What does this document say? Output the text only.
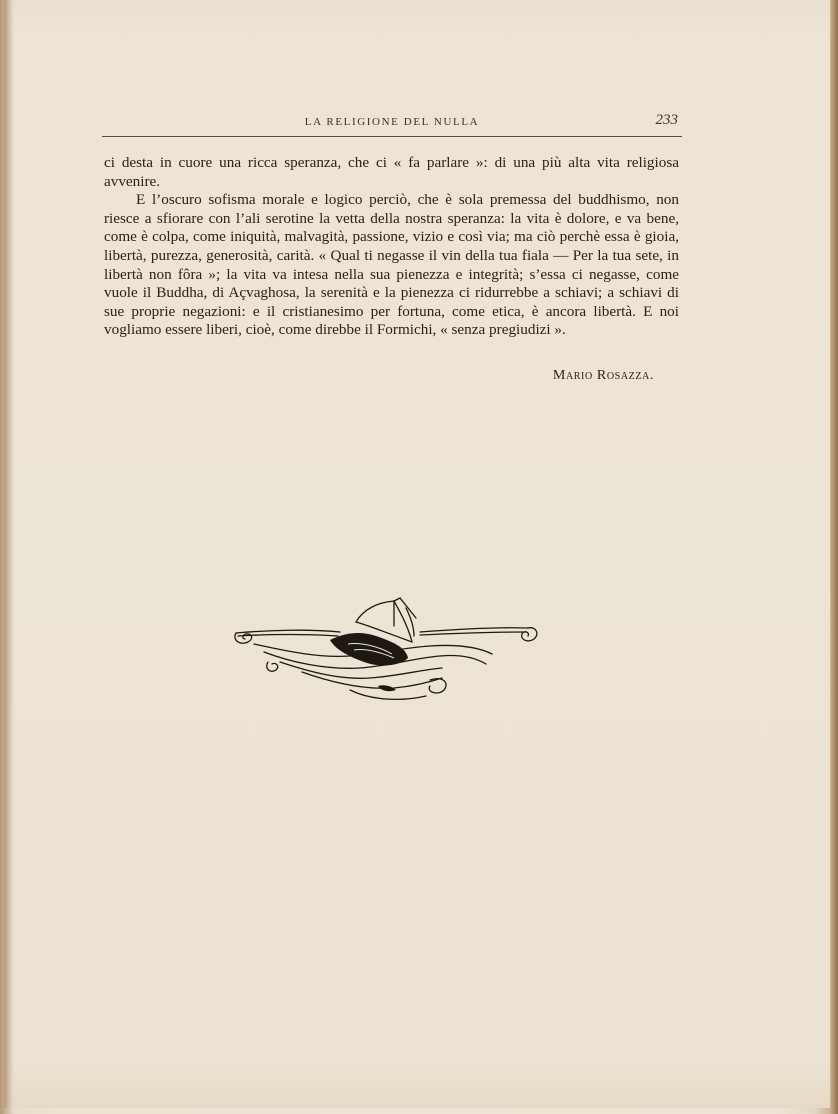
LA RELIGIONE DEL NULLA	233

ci desta in cuore una ricca speranza, che ci « fa parlare »: di una più alta vita religiosa avvenire.

E l’oscuro sofisma morale e logico perciò, che è sola premessa del buddhismo, non riesce a sfiorare con l’ali serotine la vetta della nostra speranza: la vita è dolore, e va bene, come è colpa, come iniquità, malvagità, passione, vizio e così via; ma ciò perchè essa è gioia, libertà, purezza, generosità, carità. « Qual ti negasse il vin della tua fiala — Per la tua sete, in libertà non fôra »; la vita va intesa nella sua pienezza e integrità; s’essa ci negasse, come vuole il Buddha, di Açvaghosa, la serenità e la pienezza ci ridurrebbe a schiavi; a schiavi di sue proprie negazioni: e il cristianesimo per fortuna, come etica, è ancora libertà. E noi vogliamo essere liberi, cioè, come direbbe il Formichi, « senza pregiudizi ».

Mario Rosazza.
